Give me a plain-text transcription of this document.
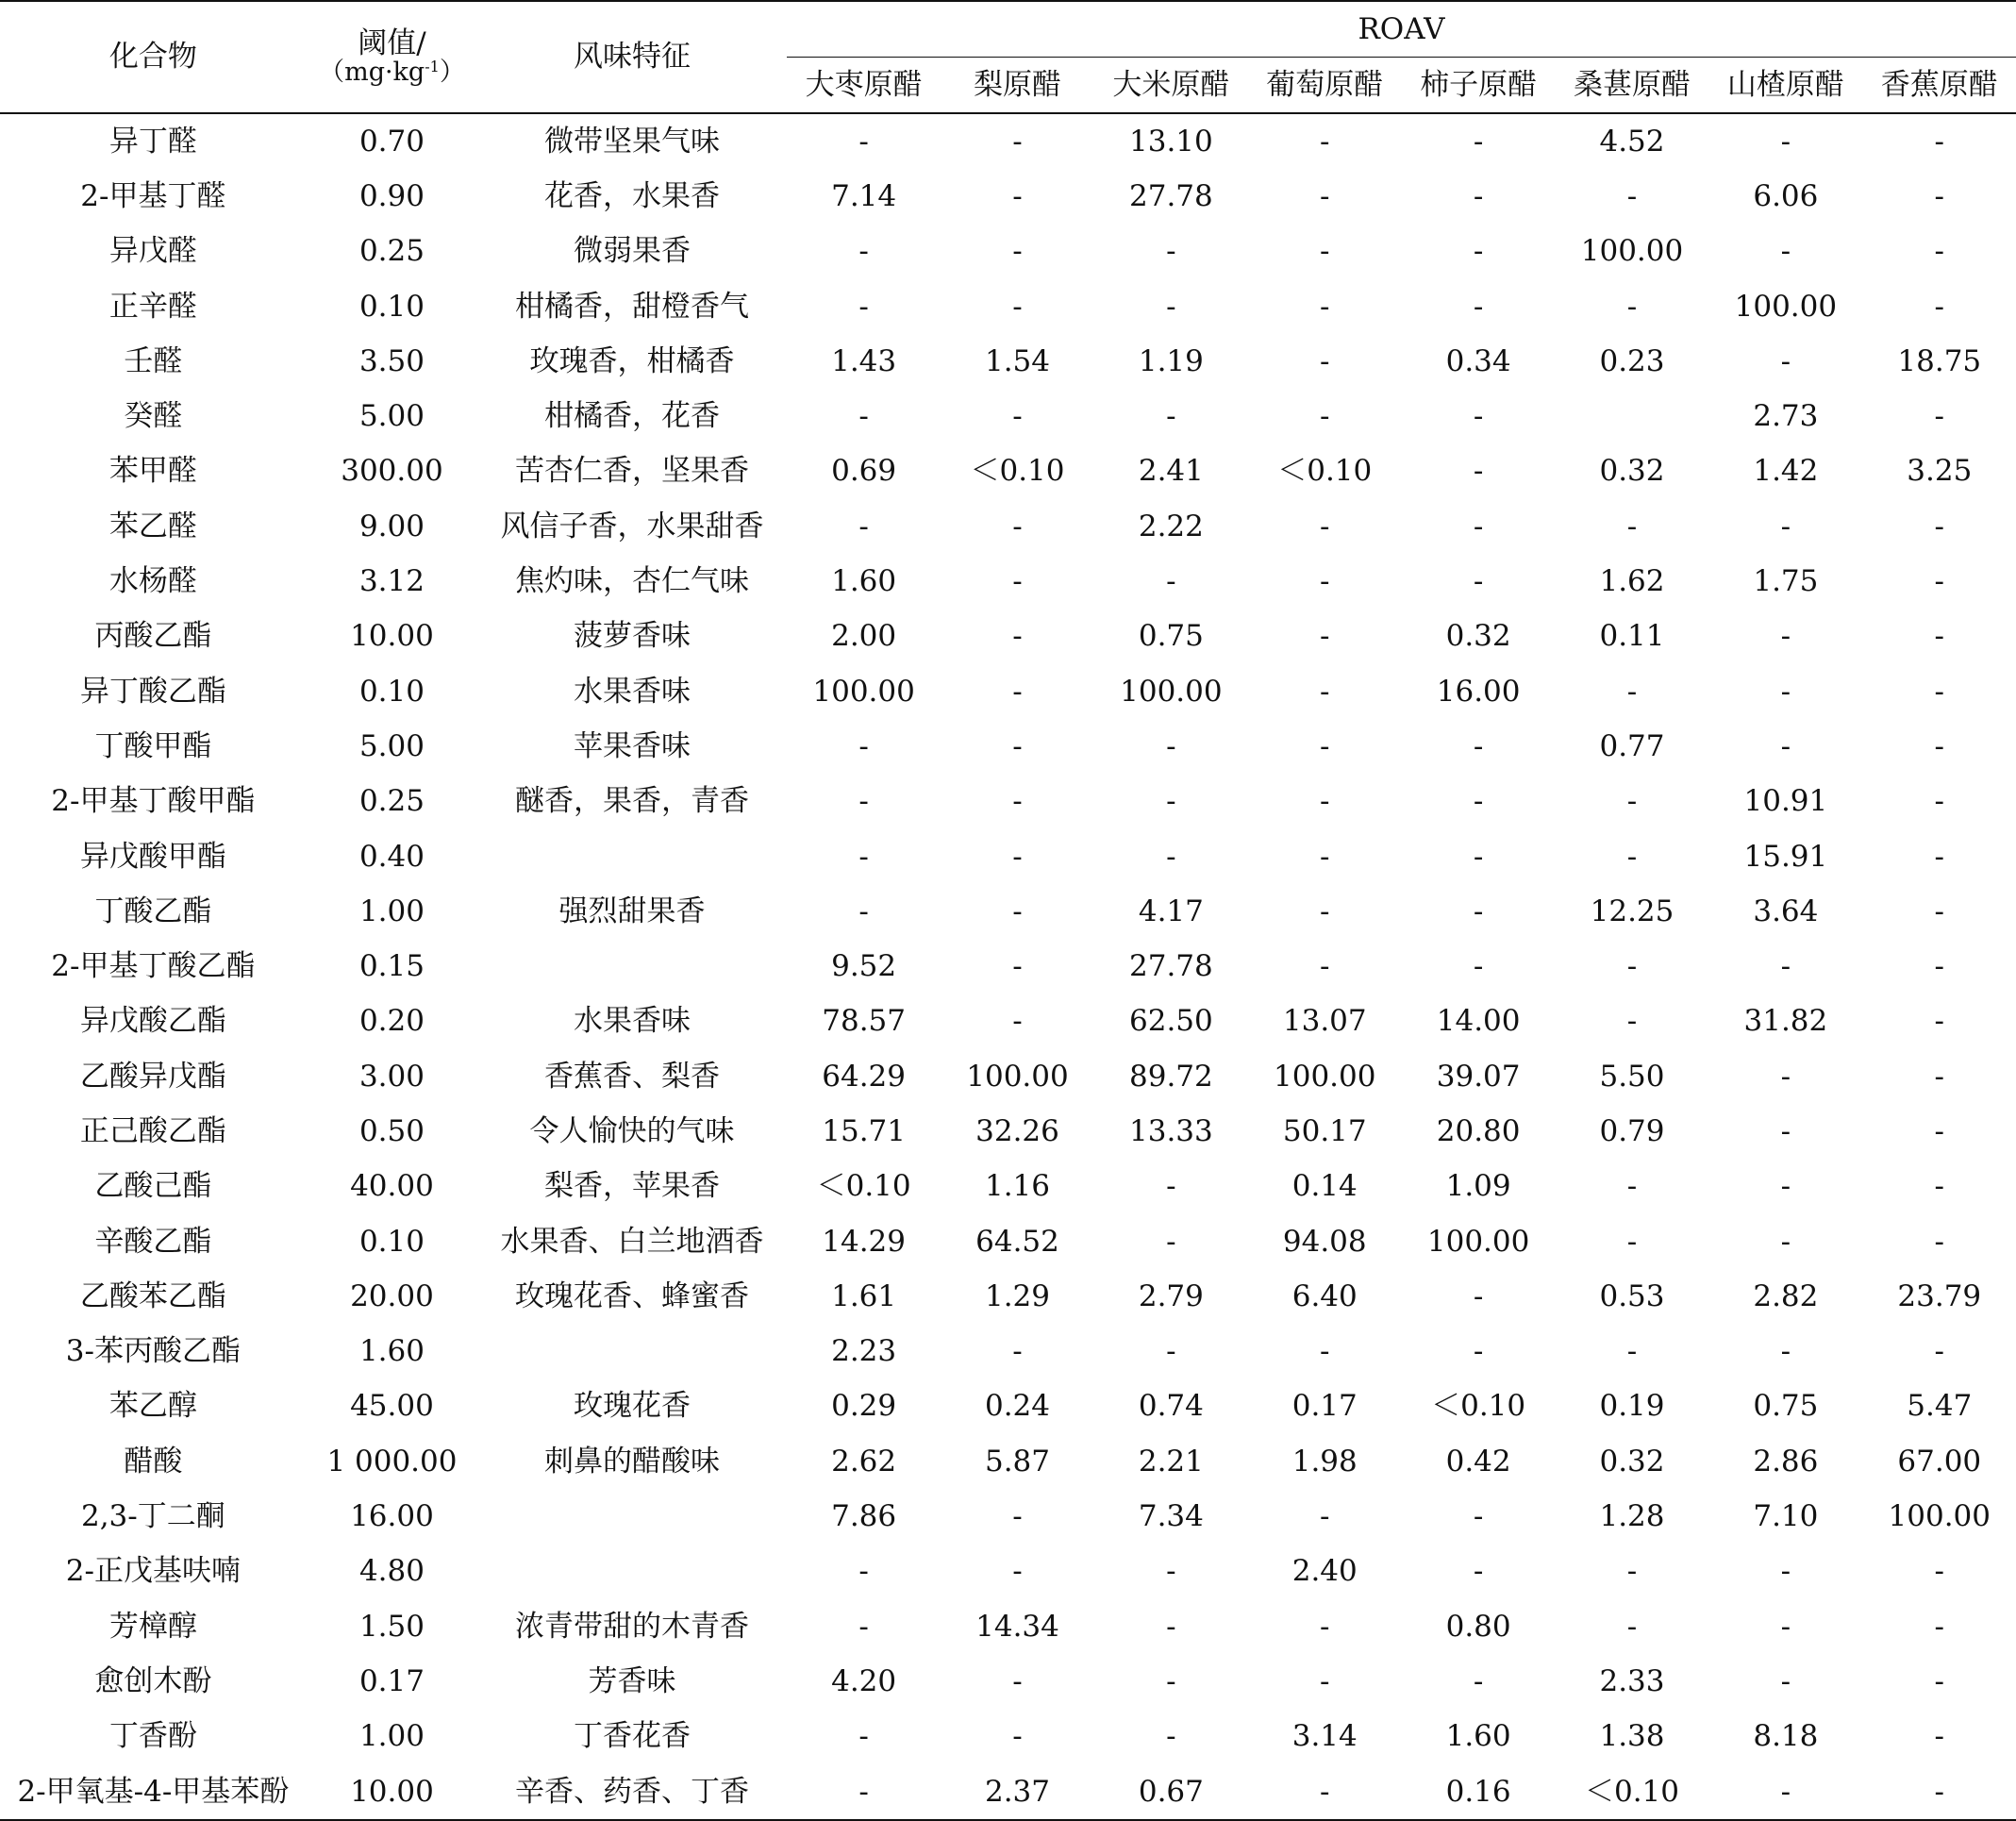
化合物	阈值/
$(mg\cdot kg^{-1})$	风味特征	ROAV							
			大枣原醋	梨原醋	大米原醋	葡萄原醋	柿子原醋	桑葚原醋	山楂原醋	香蕉原醋
异丁醛	0.70	微带坚果气味	-	-	13.10	-	-	4.52	-	-
2-甲基丁醛	0.90	花香，水果香	7.14	-	27.78	-	-	-	6.06	-
异戊醛	0.25	微弱果香	-	-	-	-	-	100.00	-	-
正辛醛	0.10	柑橘香，甜橙香气	-	-	-	-	-	-	100.00	-
壬醛	3.50	玫瑰香，柑橘香	1.43	1.54	1.19	-	0.34	0.23	-	18.75
癸醛	5.00	柑橘香，花香	-	-	-	-	-		2.73	-
苯甲醛	300.00	苦杏仁香，坚果香	0.69	＜0.10	2.41	＜0.10	-	0.32	1.42	3.25
苯乙醛	9.00	风信子香，水果甜香	-	-	2.22	-	-	-	-	-
水杨醛	3.12	焦灼味，杏仁气味	1.60	-	-	-	-	1.62	1.75	-
丙酸乙酯	10.00	菠萝香味	2.00	-	0.75	-	0.32	0.11	-	-
异丁酸乙酯	0.10	水果香味	100.00	-	100.00	-	16.00	-	-	-
丁酸甲酯	5.00	苹果香味	-	-	-	-	-	0.77	-	-
2-甲基丁酸甲酯	0.25	醚香，果香，青香	-	-	-	-	-	-	10.91	-
异戊酸甲酯	0.40		-	-	-	-	-	-	15.91	-
丁酸乙酯	1.00	强烈甜果香	-	-	4.17	-	-	12.25	3.64	-
2-甲基丁酸乙酯	0.15		9.52	-	27.78	-	-	-	-	-
异戊酸乙酯	0.20	水果香味	78.57	-	62.50	13.07	14.00	-	31.82	-
乙酸异戊酯	3.00	香蕉香、梨香	64.29	100.00	89.72	100.00	39.07	5.50	-	-
正己酸乙酯	0.50	令人愉快的气味	15.71	32.26	13.33	50.17	20.80	0.79	-	-
乙酸己酯	40.00	梨香，苹果香	＜0.10	1.16	-	0.14	1.09	-	-	-
辛酸乙酯	0.10	水果香、白兰地酒香	14.29	64.52	-	94.08	100.00	-	-	-
乙酸苯乙酯	20.00	玫瑰花香、蜂蜜香	1.61	1.29	2.79	6.40	-	0.53	2.82	23.79
3-苯丙酸乙酯	1.60		2.23	-	-	-	-	-	-	-
苯乙醇	45.00	玫瑰花香	0.29	0.24	0.74	0.17	＜0.10	0.19	0.75	5.47
醋酸	1 000.00	刺鼻的醋酸味	2.62	5.87	2.21	1.98	0.42	0.32	2.86	67.00
2,3-丁二酮	16.00		7.86	-	7.34	-	-	1.28	7.10	100.00
2-正戊基呋喃	4.80		-	-	-	2.40	-	-	-	-
芳樟醇	1.50	浓青带甜的木青香	-	14.34	-	-	0.80	-	-	-
愈创木酚	0.17	芳香味	4.20	-	-	-	-	2.33	-	-
丁香酚	1.00	丁香花香	-	-	-	3.14	1.60	1.38	8.18	-
2-甲氧基-4-甲基苯酚	10.00	辛香、药香、丁香	-	2.37	0.67	-	0.16	＜0.10	-	-
